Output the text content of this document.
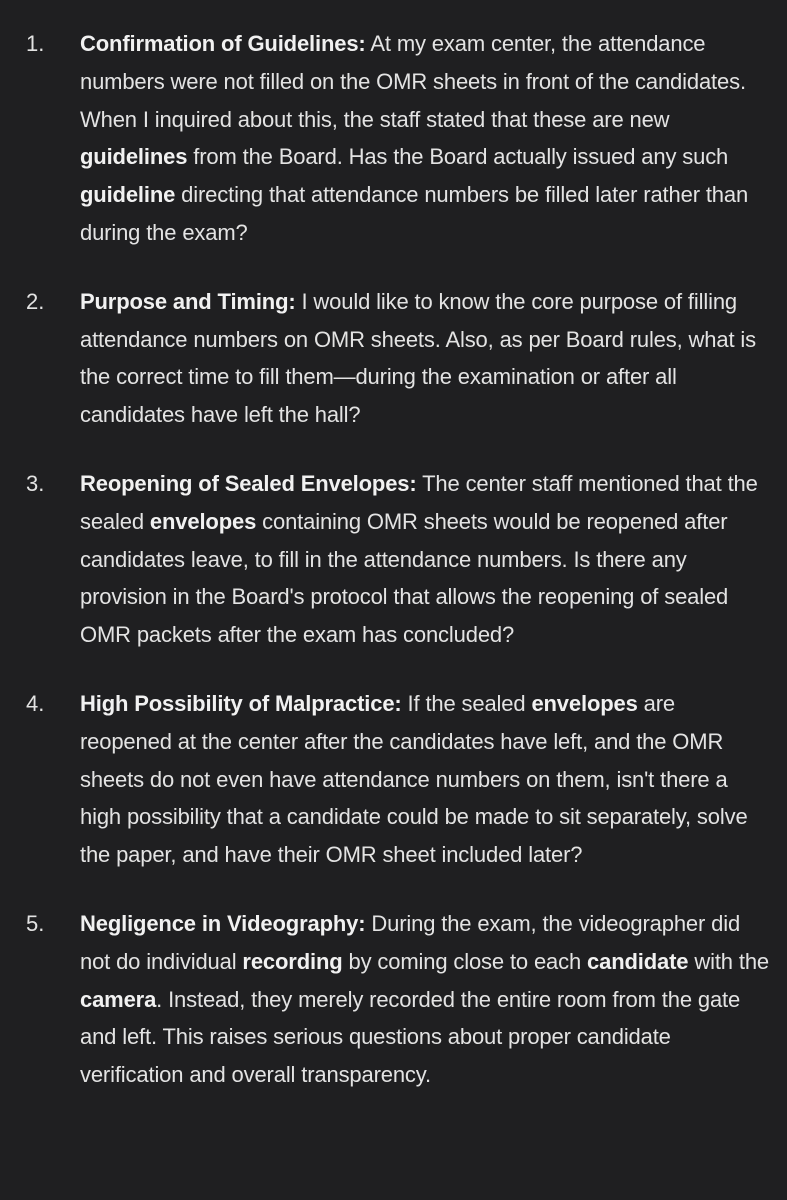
1.	Confirmation of Guidelines: At my exam center, the attendance numbers were not filled on the OMR sheets in front of the candidates. When I inquired about this, the staff stated that these are new guidelines from the Board. Has the Board actually issued any such guideline directing that attendance numbers be filled later rather than during the exam?
2.	Purpose and Timing: I would like to know the core purpose of filling attendance numbers on OMR sheets. Also, as per Board rules, what is the correct time to fill them—during the examination or after all candidates have left the hall?
3.	Reopening of Sealed Envelopes: The center staff mentioned that the sealed envelopes containing OMR sheets would be reopened after candidates leave, to fill in the attendance numbers. Is there any provision in the Board's protocol that allows the reopening of sealed OMR packets after the exam has concluded?
4.	High Possibility of Malpractice: If the sealed envelopes are reopened at the center after the candidates have left, and the OMR sheets do not even have attendance numbers on them, isn't there a high possibility that a candidate could be made to sit separately, solve the paper, and have their OMR sheet included later?
5.	Negligence in Videography: During the exam, the videographer did not do individual recording by coming close to each candidate with the camera. Instead, they merely recorded the entire room from the gate and left. This raises serious questions about proper candidate verification and overall transparency.
